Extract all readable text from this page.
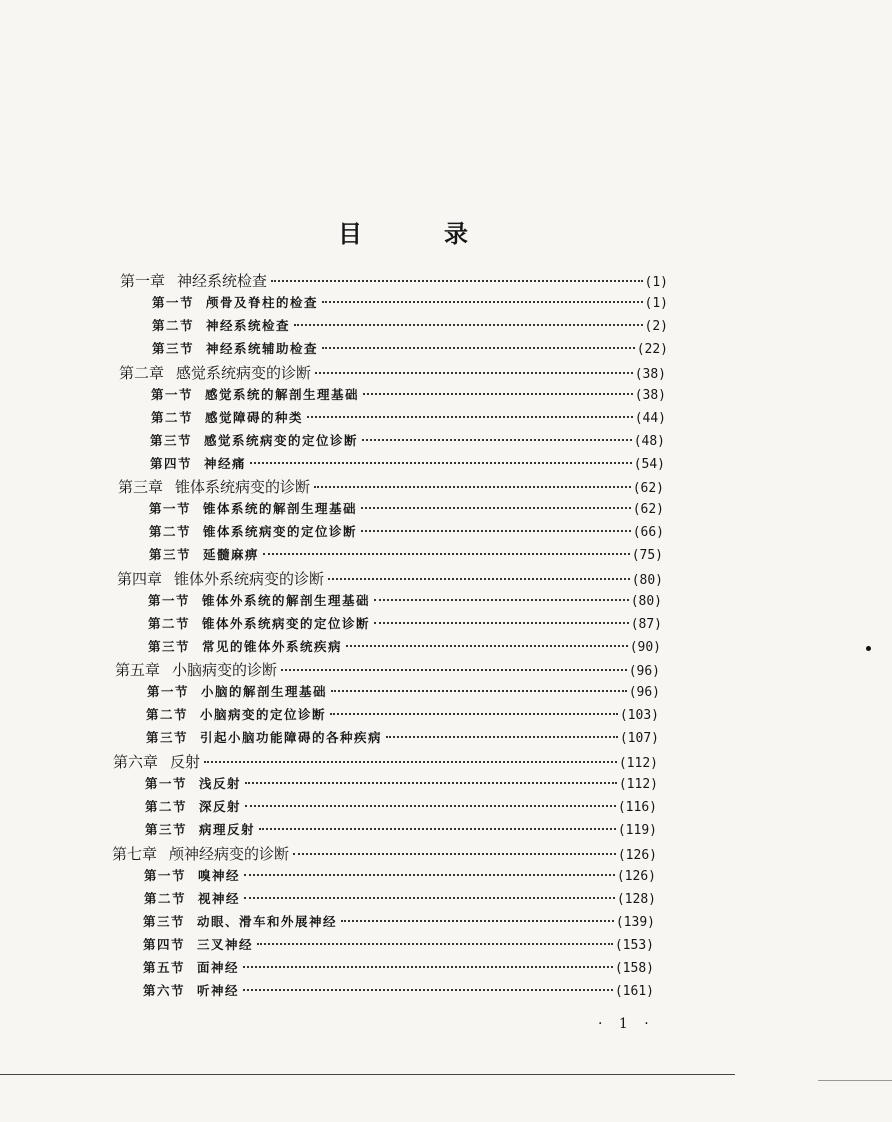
目	录
第一章 神经系统检查	(1)
第一节 颅骨及脊柱的检查	(1)
第二节 神经系统检查	(2)
第三节 神经系统辅助检查	(22)
第二章 感觉系统病变的诊断	(38)
第一节 感觉系统的解剖生理基础	(38)
第二节 感觉障碍的种类	(44)
第三节 感觉系统病变的定位诊断	(48)
第四节 神经痛	(54)
第三章 锥体系统病变的诊断	(62)
第一节 锥体系统的解剖生理基础	(62)
第二节 锥体系统病变的定位诊断	(66)
第三节 延髓麻痹	(75)
第四章 锥体外系统病变的诊断	(80)
第一节 锥体外系统的解剖生理基础	(80)
第二节 锥体外系统病变的定位诊断	(87)
第三节 常见的锥体外系统疾病	(90)
第五章 小脑病变的诊断	(96)
第一节 小脑的解剖生理基础	(96)
第二节 小脑病变的定位诊断	(103)
第三节 引起小脑功能障碍的各种疾病	(107)
第六章 反射	(112)
第一节 浅反射	(112)
第二节 深反射	(116)
第三节 病理反射	(119)
第七章 颅神经病变的诊断	(126)
第一节 嗅神经	(126)
第二节 视神经	(128)
第三节 动眼、滑车和外展神经	(139)
第四节 三叉神经	(153)
第五节 面神经	(158)
第六节 听神经	(161)
· 1 ·
